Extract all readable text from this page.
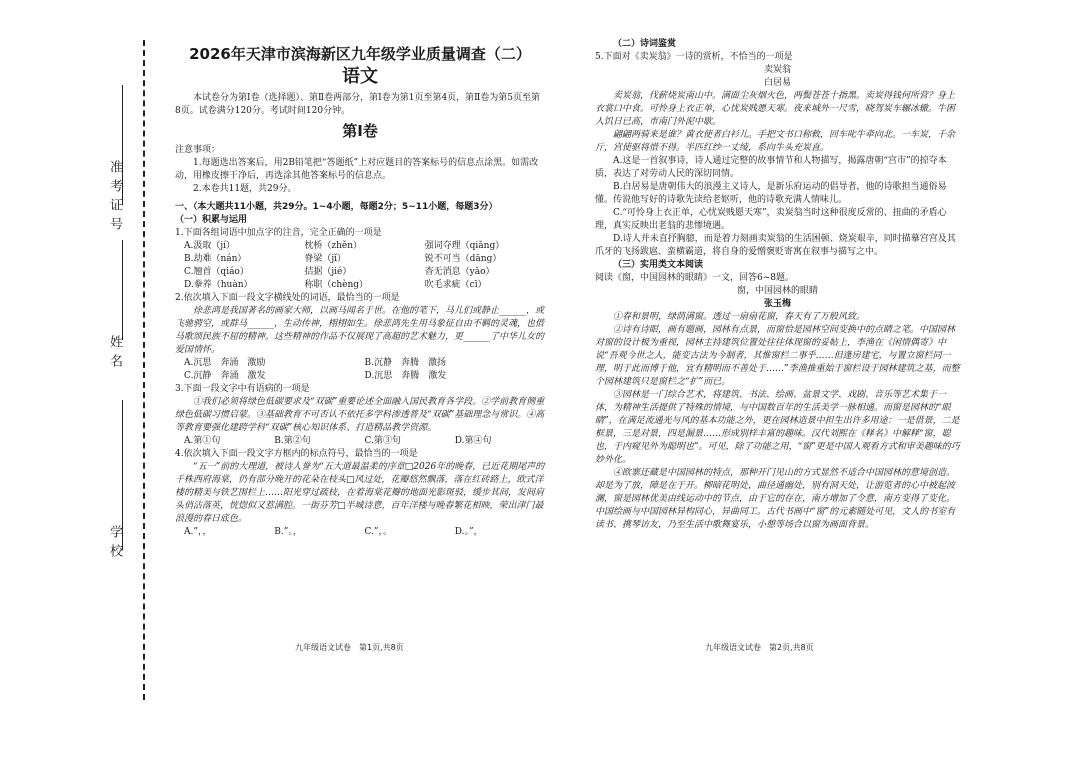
准考证号
姓名
学校

2026年天津市滨海新区九年级学业质量调查（二）

语文

本试卷分为第Ⅰ卷（选择题）、第Ⅱ卷两部分，第Ⅰ卷为第1页至第4页，第Ⅱ卷为第5页至第8页。试卷满分120分。考试时间120分钟。

第Ⅰ卷

注意事项：

1.每题选出答案后，用2B铅笔把“答题纸”上对应题目的答案标号的信息点涂黑。如需改动，用橡皮擦干净后，再选涂其他答案标号的信息点。

2.本卷共11题，共29分。

一、（本大题共11小题，共29分。1~4小题，每题2分；5~11小题，每题3分）

（一）积累与运用

1.下面各组词语中加点字的注音，完全正确的一项是

A.汲取（jí）	枕桥（zhěn）	强词夺理（qiǎng）
B.劫难（nán）	脊梁（jǐ）	锐不可当（dāng）
C.翘首（qiáo）	拮据（jié）	杳无消息（yǎo）
D.豢养（huàn）	称职（chèng）	吹毛求疵（cī）

2.依次填入下面一段文字横线处的词语，最恰当的一项是

徐悲鸿是我国著名的画家大师，以画马闻名于世。在他的笔下，马儿们或静止______，或飞驰骋空，或群马______，生动传神，栩栩如生。徐悲鸿先生用马象征自由不羁的灵魂，也借马歌颂民族不屈的精神。这些精神的作品不仅展现了高超的艺术魅力，更______了中华儿女的爱国情怀。

A.沉思　 奔涌　 激励	B.沉静　 奔腾　 激扬
C.沉静　 奔涌　 激发	D.沉思　 奔腾　 激发

3.下面一段文字中有语病的一项是

①我们必须将绿色低碳要求及“双碳”重要论述全面融入国民教育各学段。②学前教育侧重绿色低碳习惯启蒙。③基础教育不可否认不依托多学科渗透普及“双碳”基础理念与常识。④高等教育要强化建跨学科“双碳”核心知识体系、打造精品教学资源。

A.第①句	B.第②句	C.第③句	D.第④句

4.依次填入下面一段文字方框内的标点符号，最恰当的一项是

“五一”前的大理道，被诗人誉为“五大道最温柔的序章□2026年的晚春，已近花期尾声的千株西府海棠，仍有部分晚开的花朵在枝头□风过处，花瓣悠然飘落，落在红砖路上，欧式洋楼的精美与铁艺围栏上……阳光穿过疏枝，在着海棠花瓣的地面光影斑驳，缓步其间，发间肩头俏沾落英，恍惚似又惹满腔。一街芬芳□半城诗意，百年洋楼与晚春繁花相映，荣出津门最浪漫的春日底色。

A.”，，	B.”。，	C.”，。	D.。”，
九年级语文试卷　第1页,共8页

（二）诗词鉴赏

5.下面对《卖炭翁》一诗的赏析，不恰当的一项是

卖炭翁

白居易

卖炭翁，伐薪烧炭南山中。满面尘灰烟火色，两鬓苍苍十指黑。卖炭得钱何所营？身上衣裳口中食。可怜身上衣正单，心忧炭贱愿天寒。夜来城外一尺雪，晓驾炭车辗冰辙。牛困人饥日已高，市南门外泥中歇。

翩翩两骑来是谁？黄衣使者白衫儿。手把文书口称敕，回车叱牛牵向北。一车炭，千余斤，宫使驱将惜不得。半匹红纱一丈绫，系向牛头充炭直。

A.这是一首叙事诗，诗人通过完整的故事情节和人物描写，揭露唐朝“宫市”的掠夺本质，表达了对劳动人民的深切同情。

B.白居易是唐朝伟大的浪漫主义诗人，是新乐府运动的倡导者，他的诗歌担当通俗易懂。传说他写好的诗歌先读给老妪听，他的诗歌充满人情味儿。

C.“可怜身上衣正单，心忧炭贱愿天寒”，卖炭翁当时这种很度反常的、扭曲的矛盾心理，真实反映出老翁的悲惨境遇。

D.诗人并未直抒胸臆，而是着力刻画卖炭翁的生活困顿、烧炭艰辛，同时描摹宫宫及其爪牙的飞扬跋扈、蛮横霸道，将自身的爱憎褒贬寄寓在叙事与描写之中。

（三）实用类文本阅读

阅读《窗，中国园林的眼睛》一文，回答6~8题。

窗，中国园林的眼睛

张玉梅

①春和景明，绿荫满窗。透过一扇扇花窗，春天有了万般风致。

②诗有诗眼，画有题画，园林有点景，而窗恰是园林空间变换中的点睛之笔。中国园林对窗的设计极为重视，园林主持建筑位置处往往体现窗的妥帖上，李渔在《闲情偶寄》中说“吾观今世之人，能变古法为今制者，其惟窗栏二事乎……但逢房建宅，与置立窗栏同一理，明于此而博于他，宜有精明而不善处于……”李渔推重始于窗栏设于园林建筑之基，而整个园林建筑只是窗栏之“扩”而已。

③园林是一门综合艺术，将建筑、书法、绘画、盆景文学、戏剧、音乐等艺术集于一体，为精神生活提供了特殊的情境，与中国数百年的生活美学一脉相通。而窗是园林的“眼睛”，在满足流通光与风的基本功能之外，更在园林造景中担生出许多用途：一是借景，二是框景，三是对景，四是漏景……形成别样丰富的趣味。汉代刘熙在《释名》中解释“窗，聪也，于内窥见外为聪明也”。可见，除了功能之用，“窗”更是中国人观看方式和审美趣味的巧妙外化。

④欧寨还藏是中国园林的特点，那种开门见山的方式显然不适合中国园林的意境创造。却是为了放，障是在于开。柳暗花明处，曲径通幽处，别有洞天处，让游览者的心中被起波澜，窗是园林优美由线运动中的节点，由于它的存在，南方增加了令意，南方变得了变化。中国绘画与中国园林异构同心，异曲同工。古代书画中“窗”的元素随处可见，文人的书室有读书、携琴访友，乃至生活中歌舞宴乐，小憩等场合以窗为画面背景。

九年级语文试卷　第2页,共8页
